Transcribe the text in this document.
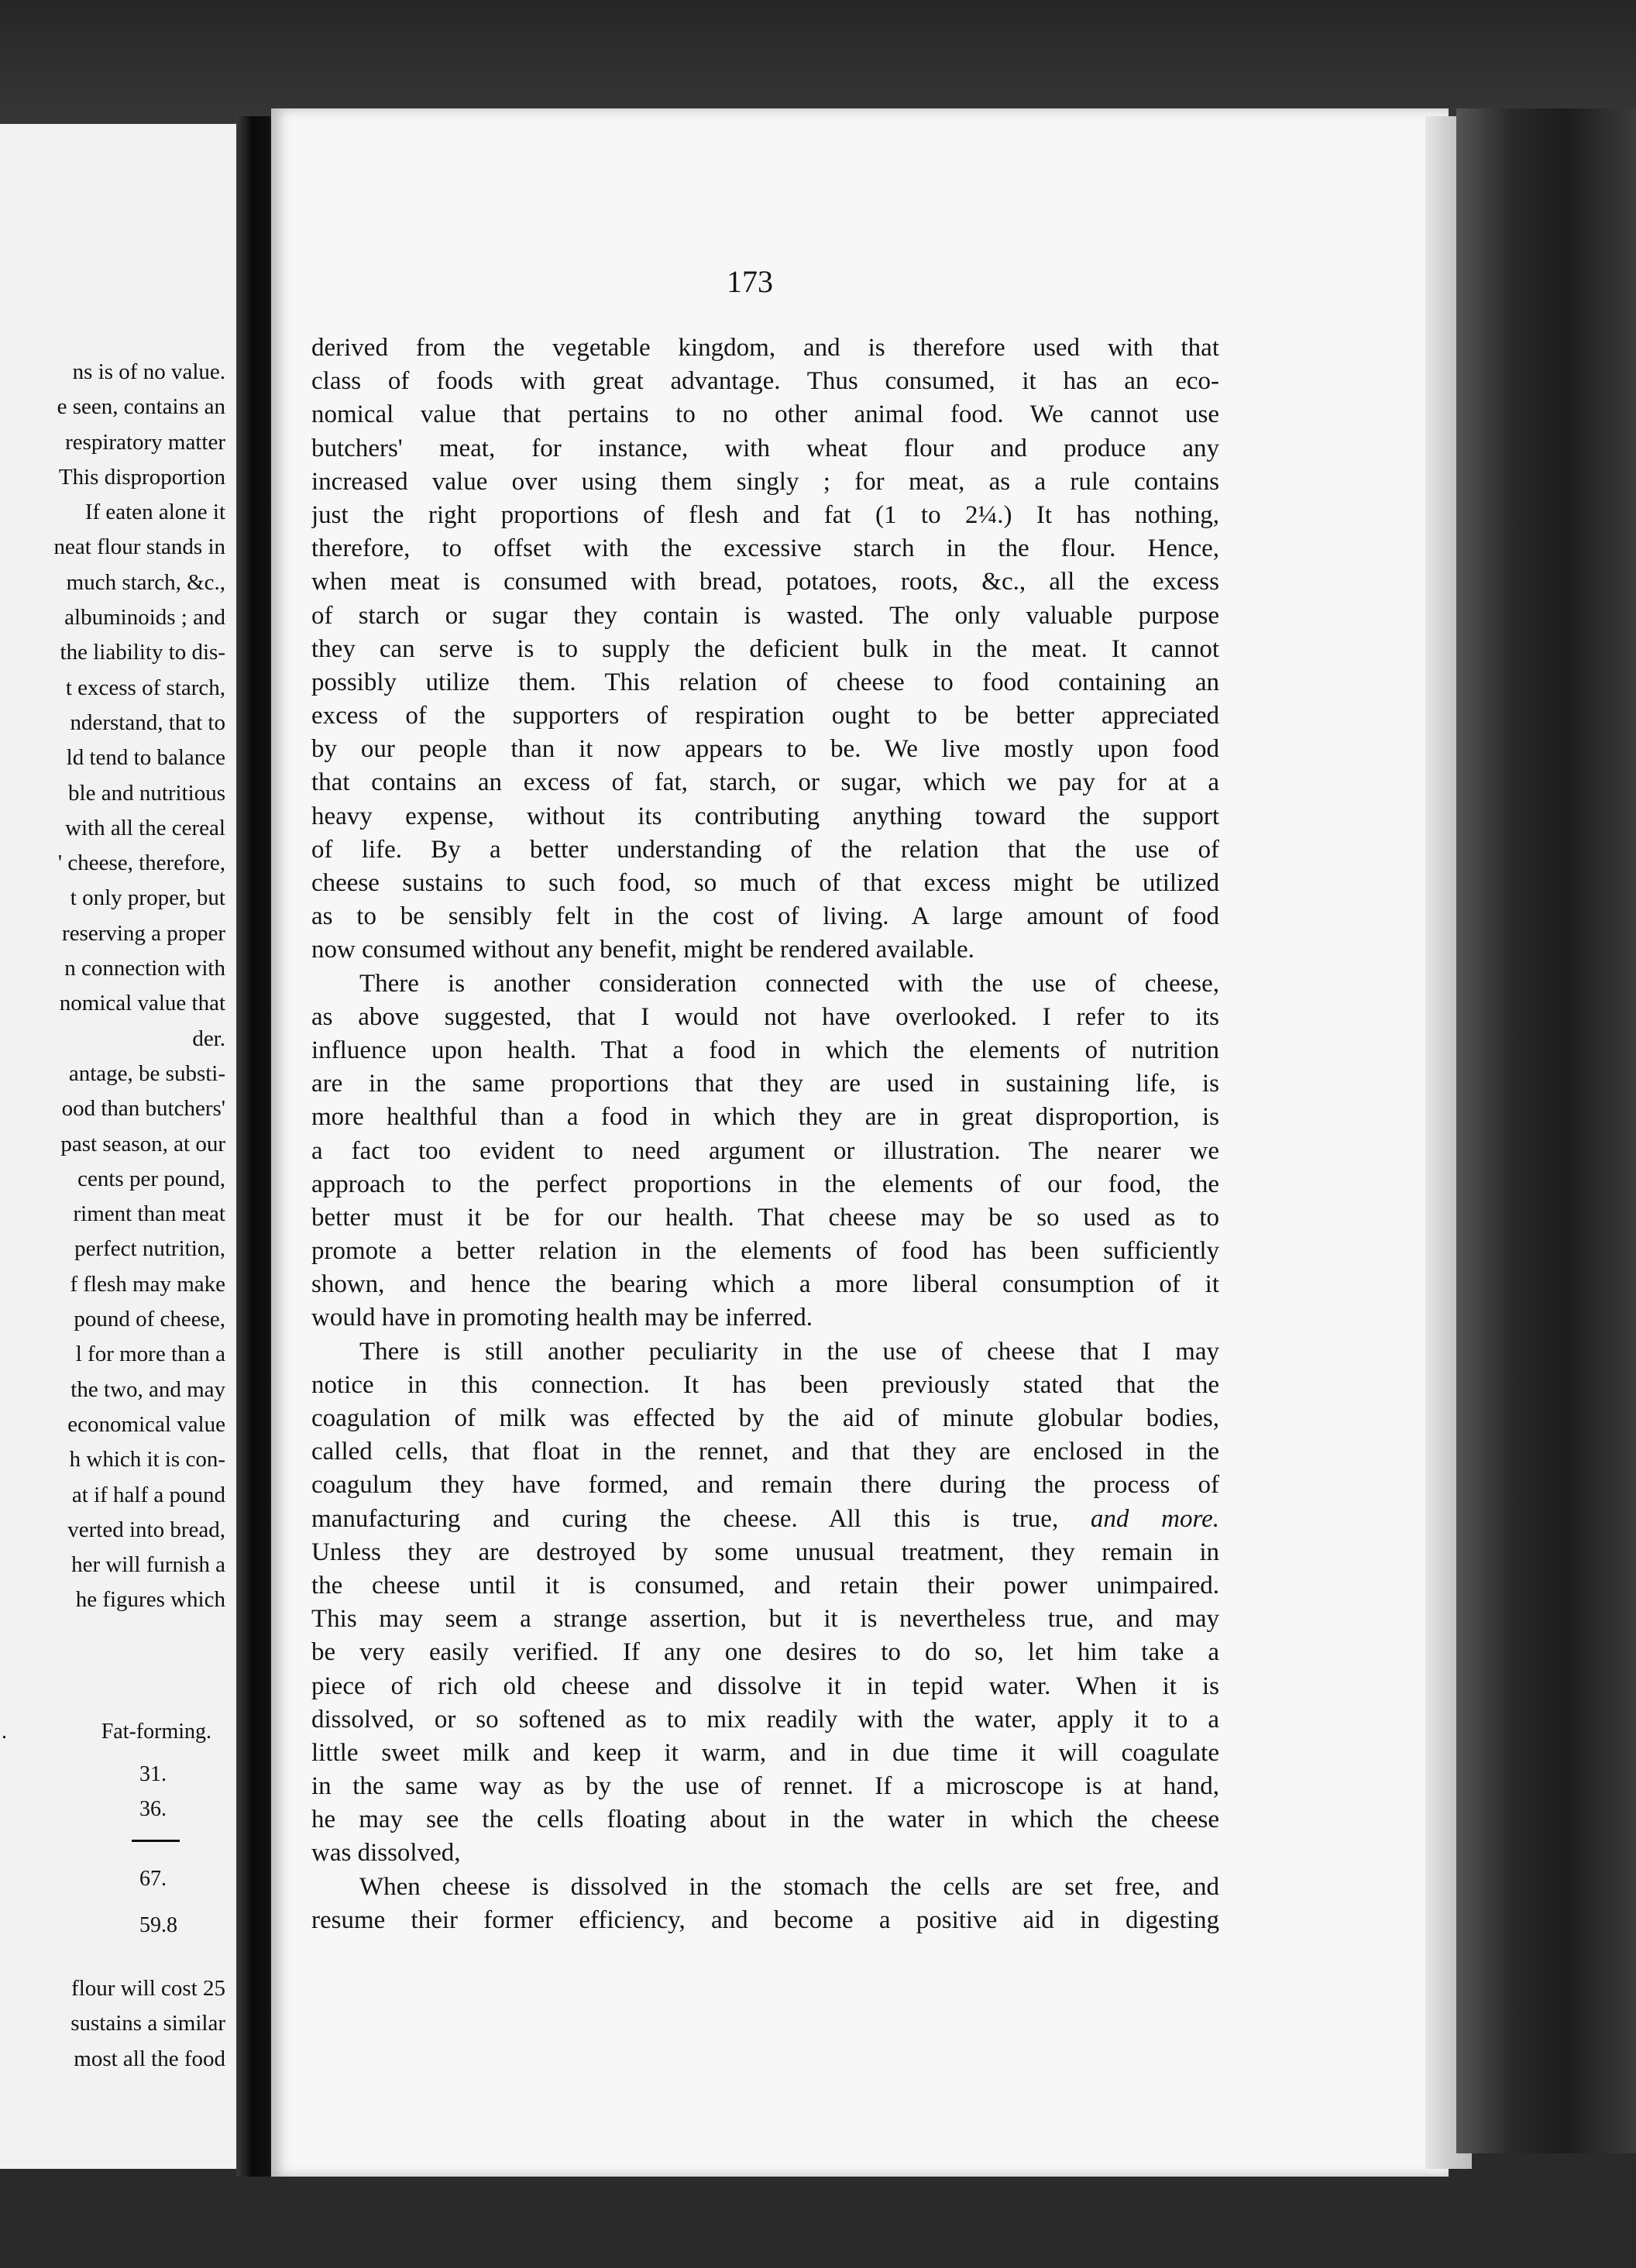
ns is of no value.
e seen, contains an
respiratory matter
This disproportion
If eaten alone it
neat flour stands in
much starch, &c.,
albuminoids ; and
the liability to dis-
t excess of starch,
nderstand, that to
ld tend to balance
ble and nutritious
with all the cereal
' cheese, therefore,
t only proper, but
reserving a proper
n connection with
nomical value that
der.
antage, be substi-
ood than butchers'
past season, at our
cents per pound,
riment than meat
perfect nutrition,
f flesh may make
pound of cheese,
l for more than a
the two, and may
economical value
h which it is con-
at if half a pound
verted into bread,
her will furnish a
he figures which
.	Fat-forming.
31.
36.
67.
59.8
flour will cost 25
sustains a similar
most all the food
173
derived from the vegetable kingdom, and is therefore used with that
class of foods with great advantage. Thus consumed, it has an eco-
nomical value that pertains to no other animal food. We cannot use
butchers' meat, for instance, with wheat flour and produce any
increased value over using them singly ; for meat, as a rule contains
just the right proportions of flesh and fat (1 to 2¼.) It has nothing,
therefore, to offset with the excessive starch in the flour. Hence,
when meat is consumed with bread, potatoes, roots, &c., all the excess
of starch or sugar they contain is wasted. The only valuable purpose
they can serve is to supply the deficient bulk in the meat. It cannot
possibly utilize them. This relation of cheese to food containing an
excess of the supporters of respiration ought to be better appreciated
by our people than it now appears to be. We live mostly upon food
that contains an excess of fat, starch, or sugar, which we pay for at a
heavy expense, without its contributing anything toward the support
of life. By a better understanding of the relation that the use of
cheese sustains to such food, so much of that excess might be utilized
as to be sensibly felt in the cost of living. A large amount of food
now consumed without any benefit, might be rendered available.
There is another consideration connected with the use of cheese,
as above suggested, that I would not have overlooked. I refer to its
influence upon health. That a food in which the elements of nutrition
are in the same proportions that they are used in sustaining life, is
more healthful than a food in which they are in great disproportion, is
a fact too evident to need argument or illustration. The nearer we
approach to the perfect proportions in the elements of our food, the
better must it be for our health. That cheese may be so used as to
promote a better relation in the elements of food has been sufficiently
shown, and hence the bearing which a more liberal consumption of it
would have in promoting health may be inferred.
There is still another peculiarity in the use of cheese that I may
notice in this connection. It has been previously stated that the
coagulation of milk was effected by the aid of minute globular bodies,
called cells, that float in the rennet, and that they are enclosed in the
coagulum they have formed, and remain there during the process of
manufacturing and curing the cheese. All this is true, and more.
Unless they are destroyed by some unusual treatment, they remain in
the cheese until it is consumed, and retain their power unimpaired.
This may seem a strange assertion, but it is nevertheless true, and may
be very easily verified. If any one desires to do so, let him take a
piece of rich old cheese and dissolve it in tepid water. When it is
dissolved, or so softened as to mix readily with the water, apply it to a
little sweet milk and keep it warm, and in due time it will coagulate
in the same way as by the use of rennet. If a microscope is at hand,
he may see the cells floating about in the water in which the cheese
was dissolved,
When cheese is dissolved in the stomach the cells are set free, and
resume their former efficiency, and become a positive aid in digesting
